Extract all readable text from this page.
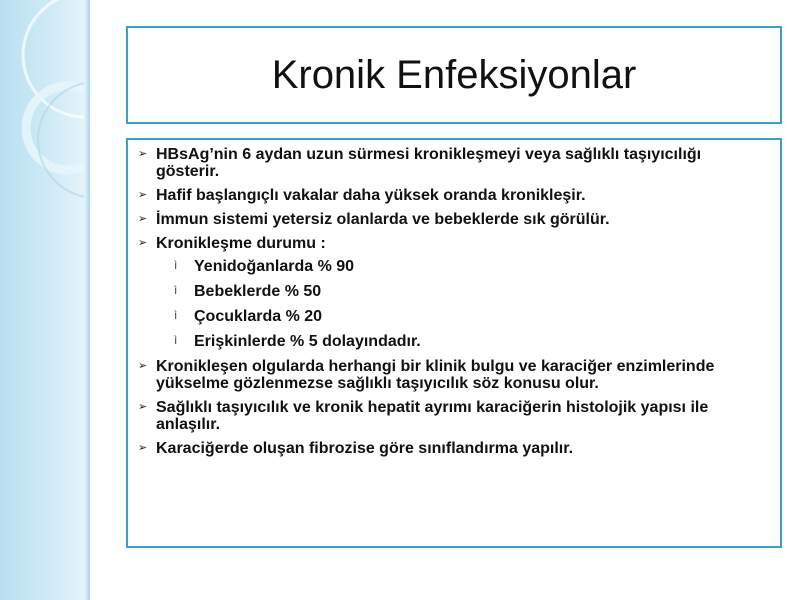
Kronik Enfeksiyonlar
➢ HBsAg’nin 6 aydan uzun sürmesi kronikleşmeyi veya sağlıklı taşıyıcılığı gösterir.
➢ Hafif başlangıçlı vakalar daha yüksek oranda kronikleşir.
➢ İmmun sistemi yetersiz olanlarda ve bebeklerde sık görülür.
➢ Kronikleşme durumu :
ì Yenidoğanlarda % 90
ì Bebeklerde % 50
ì Çocuklarda % 20
ì Erişkinlerde % 5 dolayındadır.
➢ Kronikleşen olgularda herhangi bir klinik bulgu ve karaciğer enzimlerinde yükselme gözlenmezse sağlıklı taşıyıcılık söz konusu olur.
➢ Sağlıklı taşıyıcılık ve kronik hepatit ayrımı karaciğerin histolojik yapısı ile anlaşılır.
➢ Karaciğerde oluşan fibrozise göre sınıflandırma yapılır.
